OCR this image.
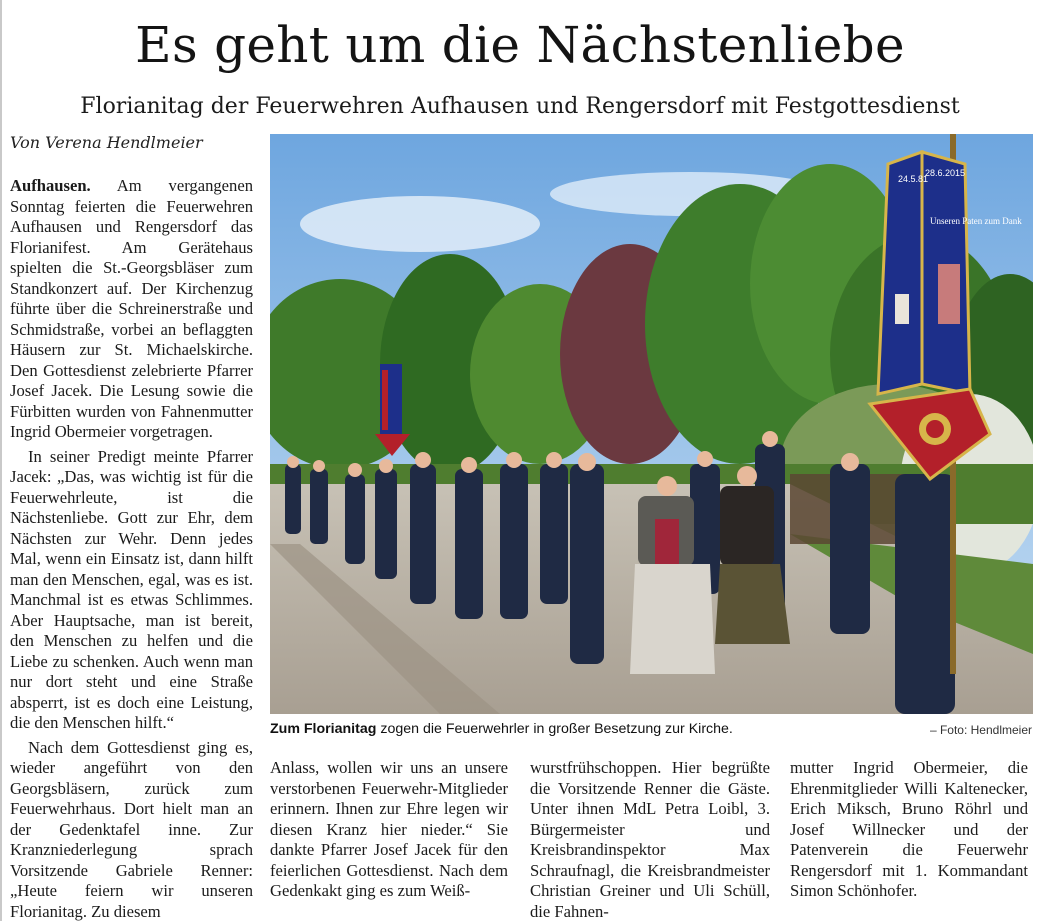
Es geht um die Nächstenliebe
Florianitag der Feuerwehren Aufhausen und Rengersdorf mit Festgottesdienst
Von Verena Hendlmeier

Aufhausen. Am vergangenen Sonntag feierten die Feuerwehren Aufhausen und Rengersdorf das Florianifest. Am Gerätehaus spielten die St.-Georgsbläser zum Standkonzert auf. Der Kirchenzug führte über die Schreinerstraße und Schmidstraße, vorbei an beflaggten Häusern zur St. Michaelskirche. Den Gottesdienst zelebrierte Pfarrer Josef Jacek. Die Lesung sowie die Fürbitten wurden von Fahnenmutter Ingrid Obermeier vorgetragen.

In seiner Predigt meinte Pfarrer Jacek: „Das, was wichtig ist für die Feuerwehrleute, ist die Nächstenliebe. Gott zur Ehr, dem Nächsten zur Wehr. Denn jedes Mal, wenn ein Einsatz ist, dann hilft man den Menschen, egal, was es ist. Manchmal ist es etwas Schlimmes. Aber Hauptsache, man ist bereit, den Menschen zu helfen und die Liebe zu schenken. Auch wenn man nur dort steht und eine Straße absperrt, ist es doch eine Leistung, die den Menschen hilft.“

Nach dem Gottesdienst ging es, wieder angeführt von den Georgsbläsern, zurück zum Feuerwehrhaus. Dort hielt man an der Gedenktafel inne. Zur Kranzniederlegung sprach Vorsitzende Gabriele Renner: „Heute feiern wir unseren Florianitag. Zu diesem

24.5.81
28.6.2015
Unseren Paten zum Dank
Zum Florianitag zogen die Feuerwehrler in großer Besetzung zur Kirche.	– Foto: Hendlmeier

Anlass, wollen wir uns an unsere verstorbenen Feuerwehr-Mitglieder erinnern. Ihnen zur Ehre legen wir diesen Kranz hier nieder.“ Sie dankte Pfarrer Josef Jacek für den feierlichen Gottesdienst. Nach dem Gedenkakt ging es zum Weiß-

wurstfrühschoppen. Hier begrüßte die Vorsitzende Renner die Gäste. Unter ihnen MdL Petra Loibl, 3. Bürgermeister und Kreisbrandinspektor Max Schraufnagl, die Kreisbrandmeister Christian Greiner und Uli Schüll, die Fahnen-

mutter Ingrid Obermeier, die Ehrenmitglieder Willi Kaltenecker, Erich Miksch, Bruno Röhrl und Josef Willnecker und der Patenverein die Feuerwehr Rengersdorf mit 1. Kommandant Simon Schönhofer.
